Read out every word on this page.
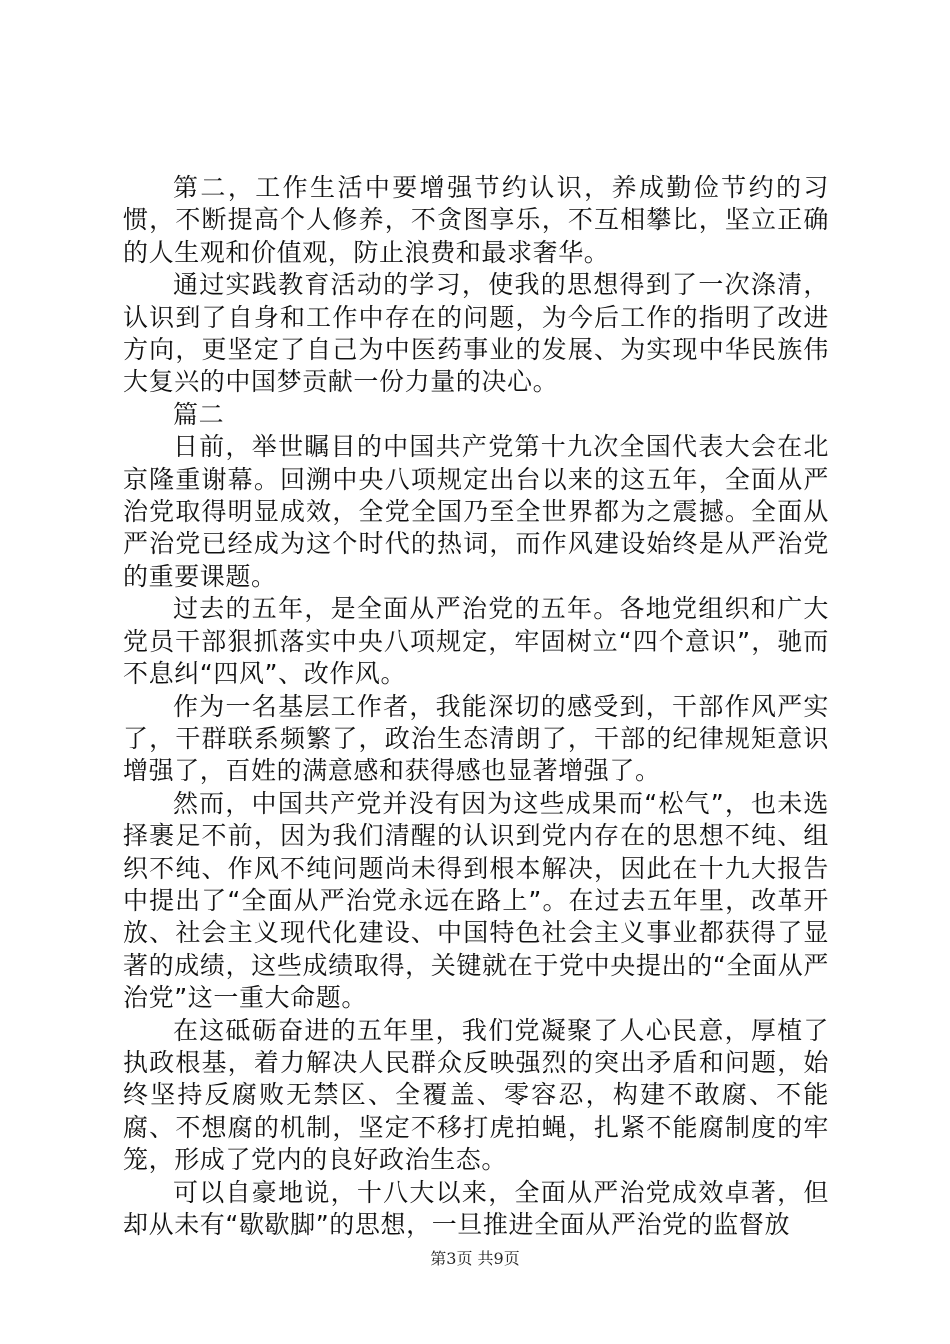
第二，工作生活中要增强节约认识，养成勤俭节约的习惯，不断提高个人修养，不贪图享乐，不互相攀比，坚立正确的人生观和价值观，防止浪费和最求奢华。

通过实践教育活动的学习，使我的思想得到了一次涤清，认识到了自身和工作中存在的问题，为今后工作的指明了改进方向，更坚定了自己为中医药事业的发展、为实现中华民族伟大复兴的中国梦贡献一份力量的决心。

篇二

日前，举世瞩目的中国共产党第十九次全国代表大会在北京隆重谢幕。回溯中央八项规定出台以来的这五年，全面从严治党取得明显成效，全党全国乃至全世界都为之震撼。全面从严治党已经成为这个时代的热词，而作风建设始终是从严治党的重要课题。

过去的五年，是全面从严治党的五年。各地党组织和广大党员干部狠抓落实中央八项规定，牢固树立“四个意识”，驰而不息纠“四风”、改作风。

作为一名基层工作者，我能深切的感受到，干部作风严实了，干群联系频繁了，政治生态清朗了，干部的纪律规矩意识增强了，百姓的满意感和获得感也显著增强了。

然而，中国共产党并没有因为这些成果而“松气”，也未选择裹足不前，因为我们清醒的认识到党内存在的思想不纯、组织不纯、作风不纯问题尚未得到根本解决，因此在十九大报告中提出了“全面从严治党永远在路上”。在过去五年里，改革开放、社会主义现代化建设、中国特色社会主义事业都获得了显著的成绩，这些成绩取得，关键就在于党中央提出的“全面从严治党”这一重大命题。

在这砥砺奋进的五年里，我们党凝聚了人心民意，厚植了执政根基，着力解决人民群众反映强烈的突出矛盾和问题，始终坚持反腐败无禁区、全覆盖、零容忍，构建不敢腐、不能腐、不想腐的机制，坚定不移打虎拍蝇，扎紧不能腐制度的牢笼，形成了党内的良好政治生态。

可以自豪地说，十八大以来，全面从严治党成效卓著，但却从未有“歇歇脚”的思想，一旦推进全面从严治党的监督放

第3页 共9页
